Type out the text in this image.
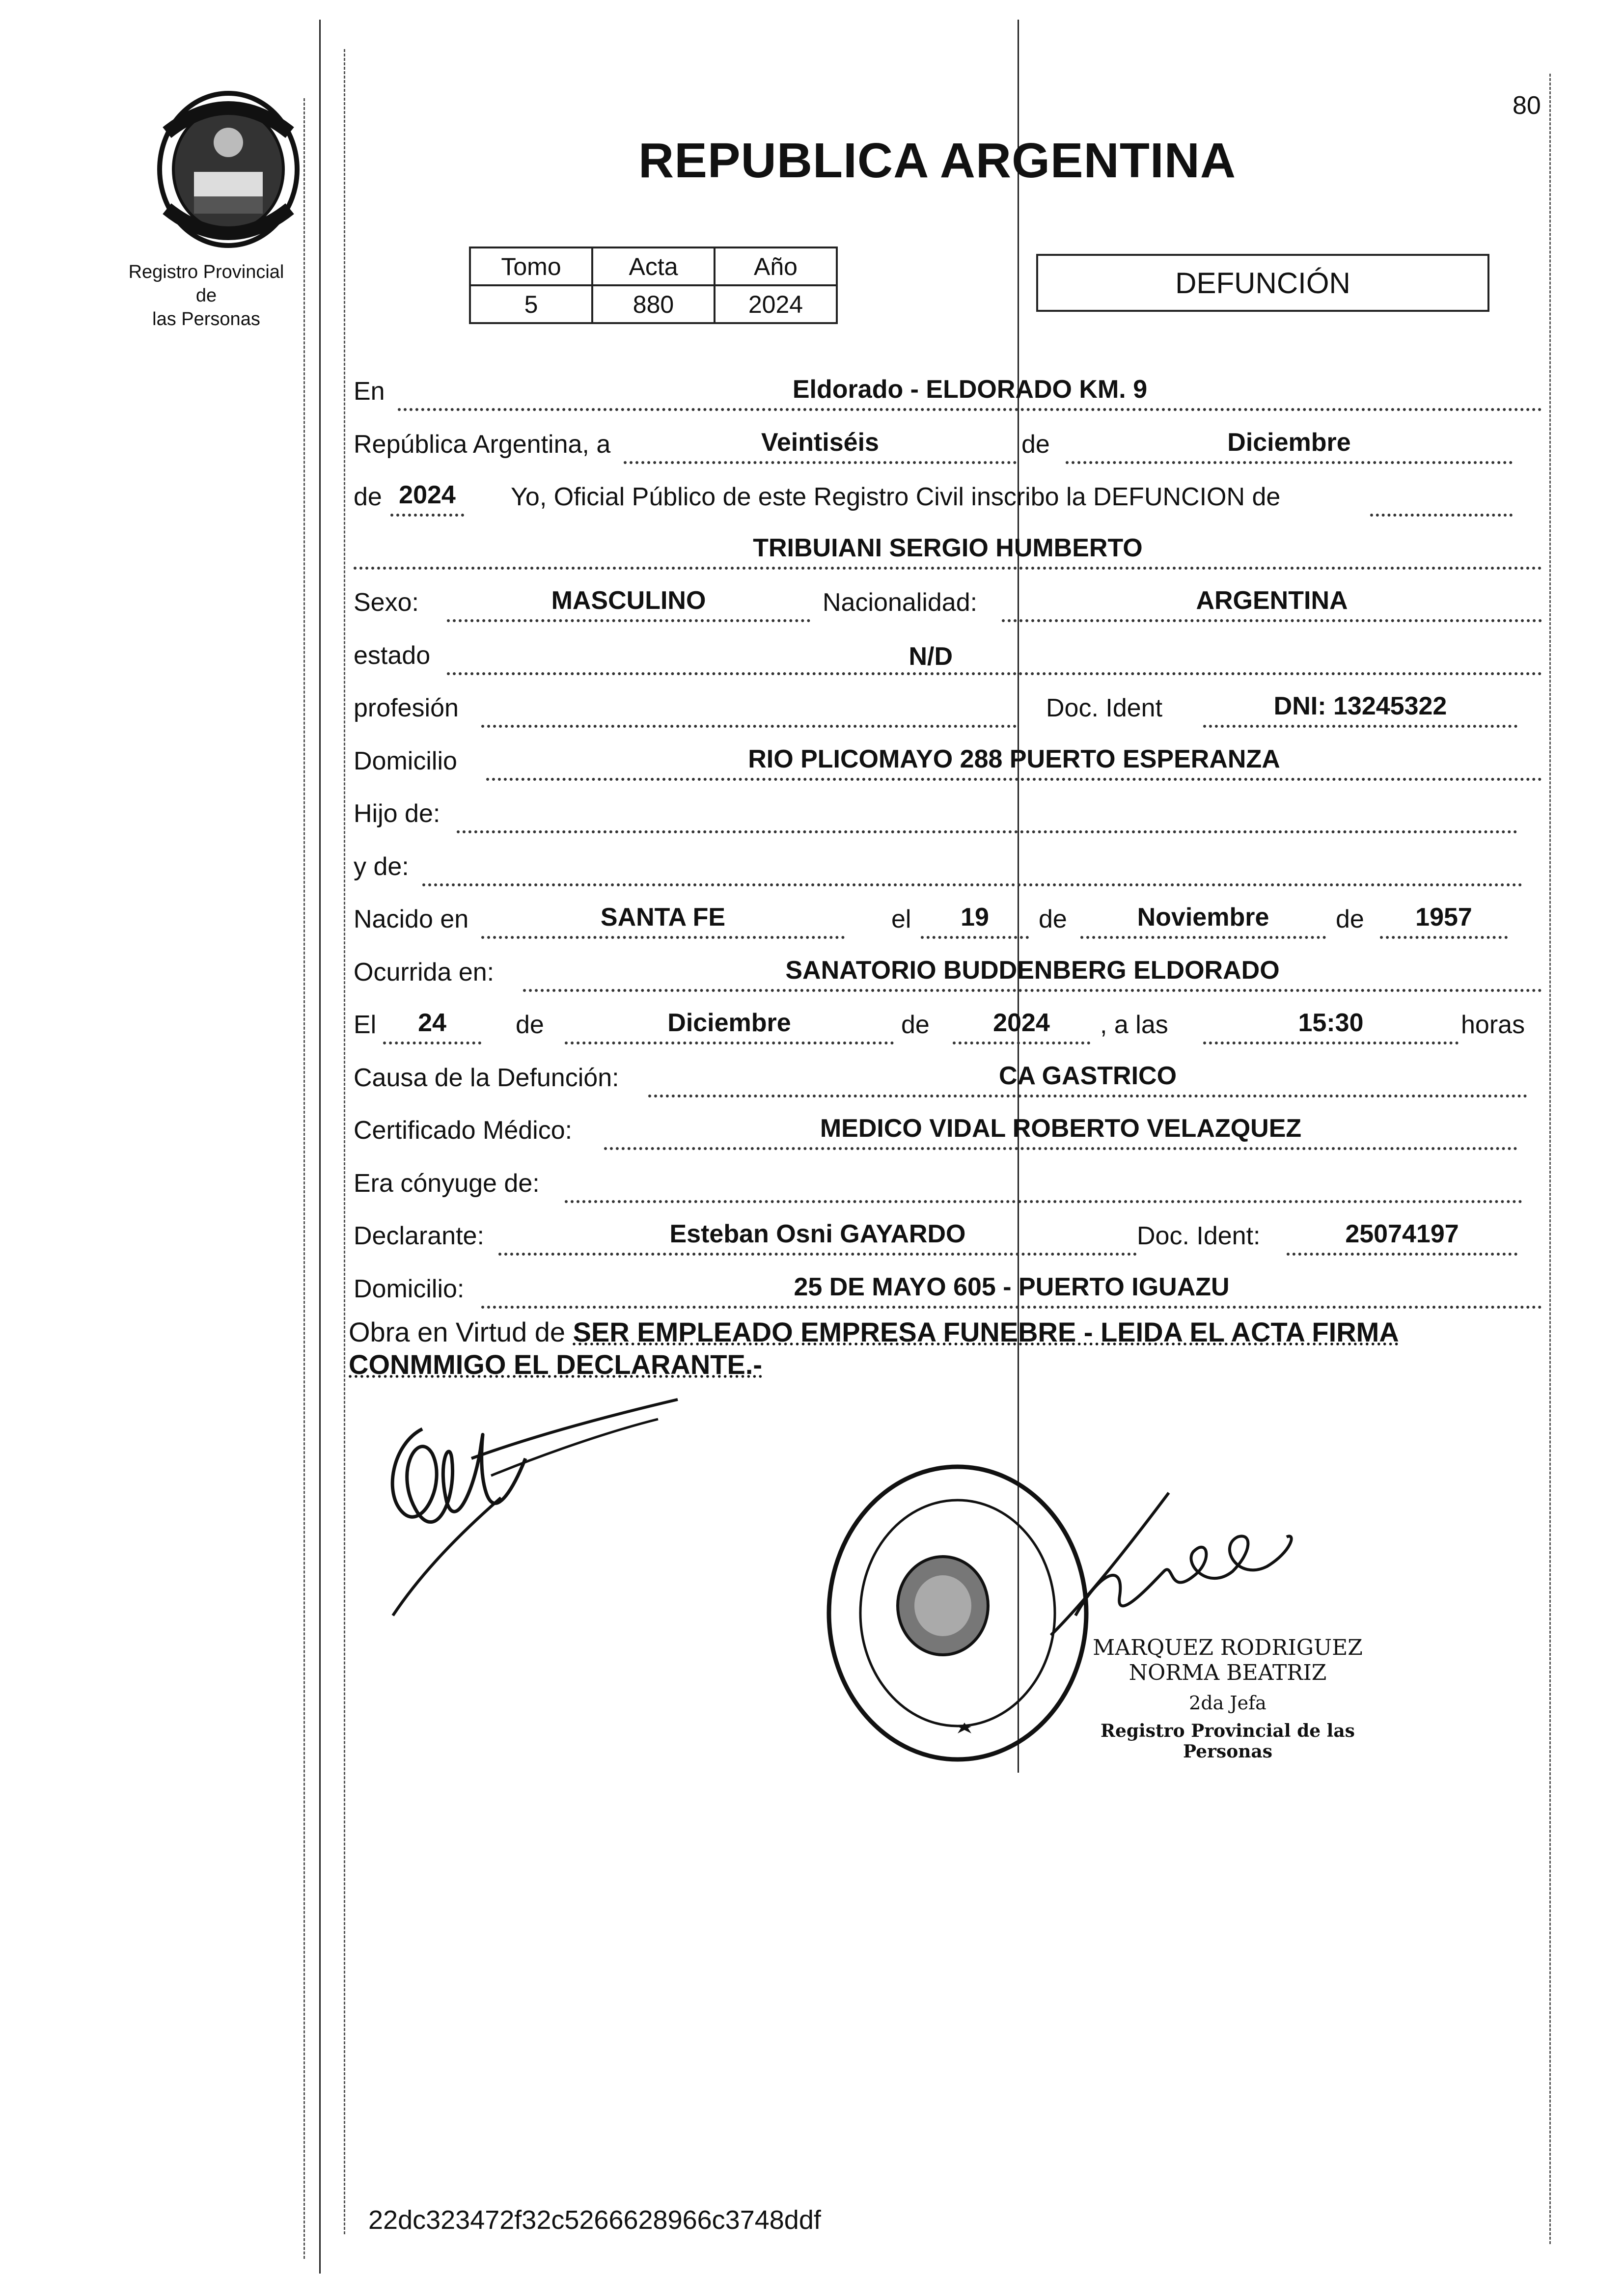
80
Registro Provincial de
las Personas
REPUBLICA ARGENTINA
Tomo	Acta	Año
5	880	2024
DEFUNCIÓN
En	Eldorado - ELDORADO KM. 9
República Argentina, a	Veintiséis	de	Diciembre
de 2024	Yo, Oficial Público de este Registro Civil inscribo la DEFUNCION de
TRIBUIANI SERGIO HUMBERTO
Sexo:	MASCULINO	Nacionalidad:	ARGENTINA
estado	N/D
profesión	Doc. Ident	DNI: 13245322
Domicilio	RIO PLICOMAYO 288 PUERTO ESPERANZA
Hijo de:
y de:
Nacido en	SANTA FE	el	19	de	Noviembre	de	1957
Ocurrida en:	SANATORIO BUDDENBERG ELDORADO
El	24	de	Diciembre	de	2024	, a las	15:30	horas
Causa de la Defunción:	CA GASTRICO
Certificado Médico:	MEDICO VIDAL ROBERTO VELAZQUEZ
Era cónyuge de:
Declarante:	Esteban Osni GAYARDO	Doc. Ident:	25074197
Domicilio:	25 DE MAYO 605 - PUERTO IGUAZU
Obra en Virtud de SER EMPLEADO EMPRESA FUNEBRE - LEIDA EL ACTA FIRMA CONMMIGO EL DECLARANTE.-
MARQUEZ RODRIGUEZ NORMA BEATRIZ
2da Jefa
Registro Provincial de las Personas
22dc323472f32c5266628966c3748ddf
